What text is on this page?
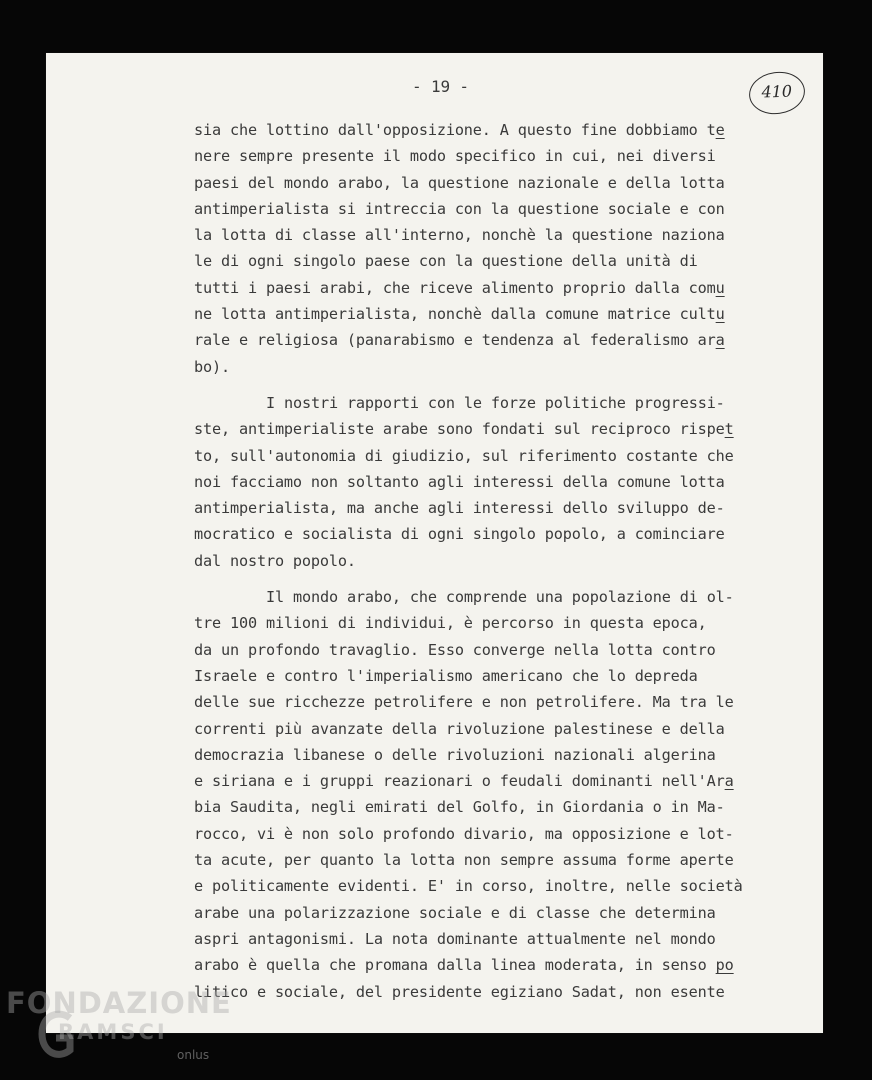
- 19 -	410
sia che lottino dall'opposizione. A questo fine dobbiamo te
nere sempre presente il modo specifico in cui, nei diversi
paesi del mondo arabo, la questione nazionale e della lotta
antimperialista si intreccia con la questione sociale e con
la lotta di classe all'interno, nonchè la questione naziona
le di ogni singolo paese con la questione della unità di
tutti i paesi arabi, che riceve alimento proprio dalla comu
ne lotta antimperialista, nonchè dalla comune matrice cultu
rale e religiosa (panarabismo e tendenza al federalismo ara
bo).
I nostri rapporti con le forze politiche progressi-
ste, antimperialiste arabe sono fondati sul reciproco rispet
to, sull'autonomia di giudizio, sul riferimento costante che
noi facciamo non soltanto agli interessi della comune lotta
antimperialista, ma anche agli interessi dello sviluppo de-
mocratico e socialista di ogni singolo popolo, a cominciare
dal nostro popolo.
Il mondo arabo, che comprende una popolazione di ol-
tre 100 milioni di individui, è percorso in questa epoca,
da un profondo travaglio. Esso converge nella lotta contro
Israele e contro l'imperialismo americano che lo depreda
delle sue ricchezze petrolifere e non petrolifere. Ma tra le
correnti più avanzate della rivoluzione palestinese e della
democrazia libanese o delle rivoluzioni nazionali algerina
e siriana e i gruppi reazionari o feudali dominanti nell'Ara
bia Saudita, negli emirati del Golfo, in Giordania o in Ma-
rocco, vi è non solo profondo divario, ma opposizione e lot-
ta acute, per quanto la lotta non sempre assuma forme aperte
e politicamente evidenti. E' in corso, inoltre, nelle società
arabe una polarizzazione sociale e di classe che determina
aspri antagonismi. La nota dominante attualmente nel mondo
arabo è quella che promana dalla linea moderata, in senso po
litico e sociale, del presidente egiziano Sadat, non esente
FONDAZIONE
RAMSCI
onlus
